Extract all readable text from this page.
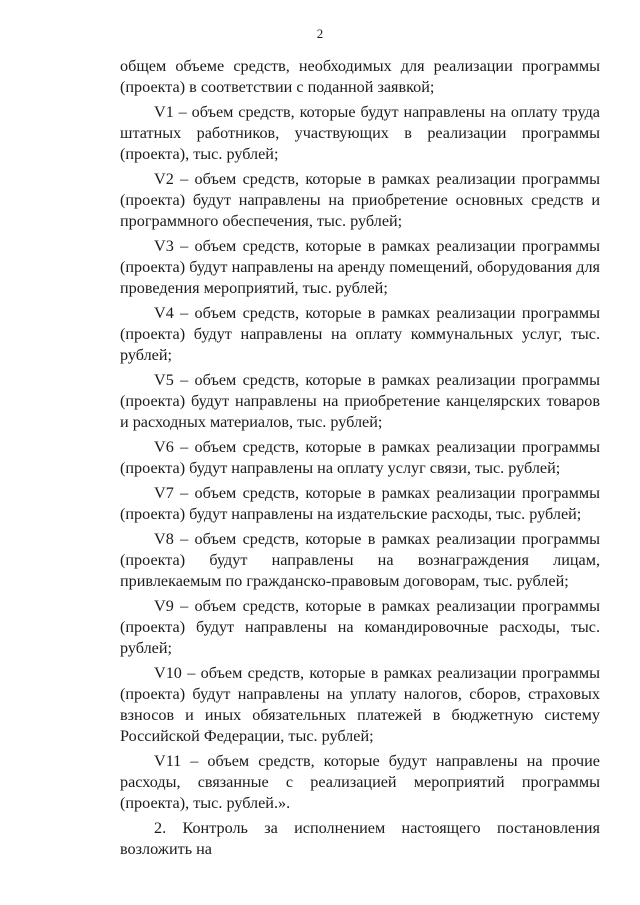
2

общем объеме средств, необходимых для реализации программы (проекта) в соответствии с поданной заявкой;

V1 – объем средств, которые будут направлены на оплату труда штатных работников, участвующих в реализации программы (проекта), тыс. рублей;

V2 – объем средств, которые в рамках реализации программы (проекта) будут направлены на приобретение основных средств и программного обеспечения, тыс. рублей;

V3 – объем средств, которые в рамках реализации программы (проекта) будут направлены на аренду помещений, оборудования для проведения мероприятий, тыс. рублей;

V4 – объем средств, которые в рамках реализации программы (проекта) будут направлены на оплату коммунальных услуг, тыс. рублей;

V5 – объем средств, которые в рамках реализации программы (проекта) будут направлены на приобретение канцелярских товаров и расходных материалов, тыс. рублей;

V6 – объем средств, которые в рамках реализации программы (проекта) будут направлены на оплату услуг связи, тыс. рублей;

V7 – объем средств, которые в рамках реализации программы (проекта) будут направлены на издательские расходы, тыс. рублей;

V8 – объем средств, которые в рамках реализации программы (проекта) будут направлены на вознаграждения лицам, привлекаемым по гражданско-правовым договорам, тыс. рублей;

V9 – объем средств, которые в рамках реализации программы (проекта) будут направлены на командировочные расходы, тыс. рублей;

V10 – объем средств, которые в рамках реализации программы (проекта) будут направлены на уплату налогов, сборов, страховых взносов и иных обязательных платежей в бюджетную систему Российской Федерации, тыс. рублей;

V11 – объем средств, которые будут направлены на прочие расходы, связанные с реализацией мероприятий программы (проекта), тыс. рублей.».

2. Контроль за исполнением настоящего постановления возложить на
